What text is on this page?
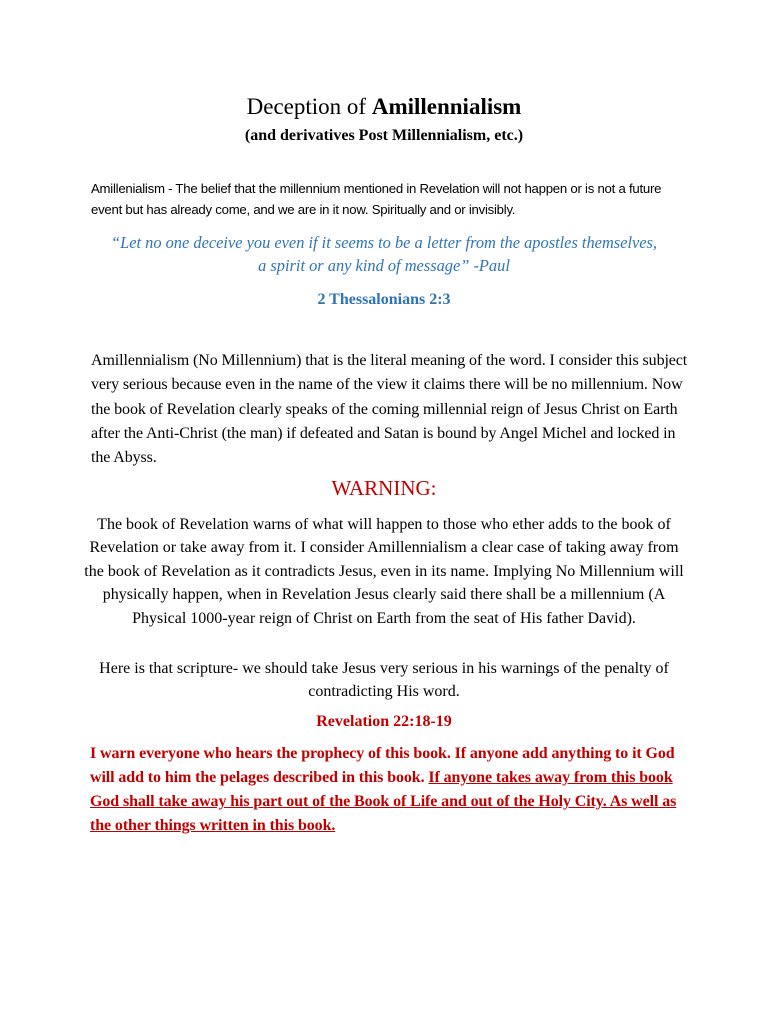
Deception of Amillennialism
(and derivatives Post Millennialism, etc.)
Amillenialism - The belief that the millennium mentioned in Revelation will not happen or is not a future event but has already come, and we are in it now. Spiritually and or invisibly.
“Let no one deceive you even if it seems to be a letter from the apostles themselves,
a spirit or any kind of message” -Paul
2 Thessalonians 2:3
Amillennialism (No Millennium) that is the literal meaning of the word. I consider this subject very serious because even in the name of the view it claims there will be no millennium. Now the book of Revelation clearly speaks of the coming millennial reign of Jesus Christ on Earth after the Anti-Christ (the man) if defeated and Satan is bound by Angel Michel and locked in the Abyss.
WARNING:
The book of Revelation warns of what will happen to those who ether adds to the book of Revelation or take away from it. I consider Amillennialism a clear case of taking away from the book of Revelation as it contradicts Jesus, even in its name. Implying No Millennium will physically happen, when in Revelation Jesus clearly said there shall be a millennium (A Physical 1000-year reign of Christ on Earth from the seat of His father David).
Here is that scripture- we should take Jesus very serious in his warnings of the penalty of contradicting His word.
Revelation 22:18-19
I warn everyone who hears the prophecy of this book. If anyone add anything to it God will add to him the pelages described in this book. If anyone takes away from this book God shall take away his part out of the Book of Life and out of the Holy City. As well as the other things written in this book.
